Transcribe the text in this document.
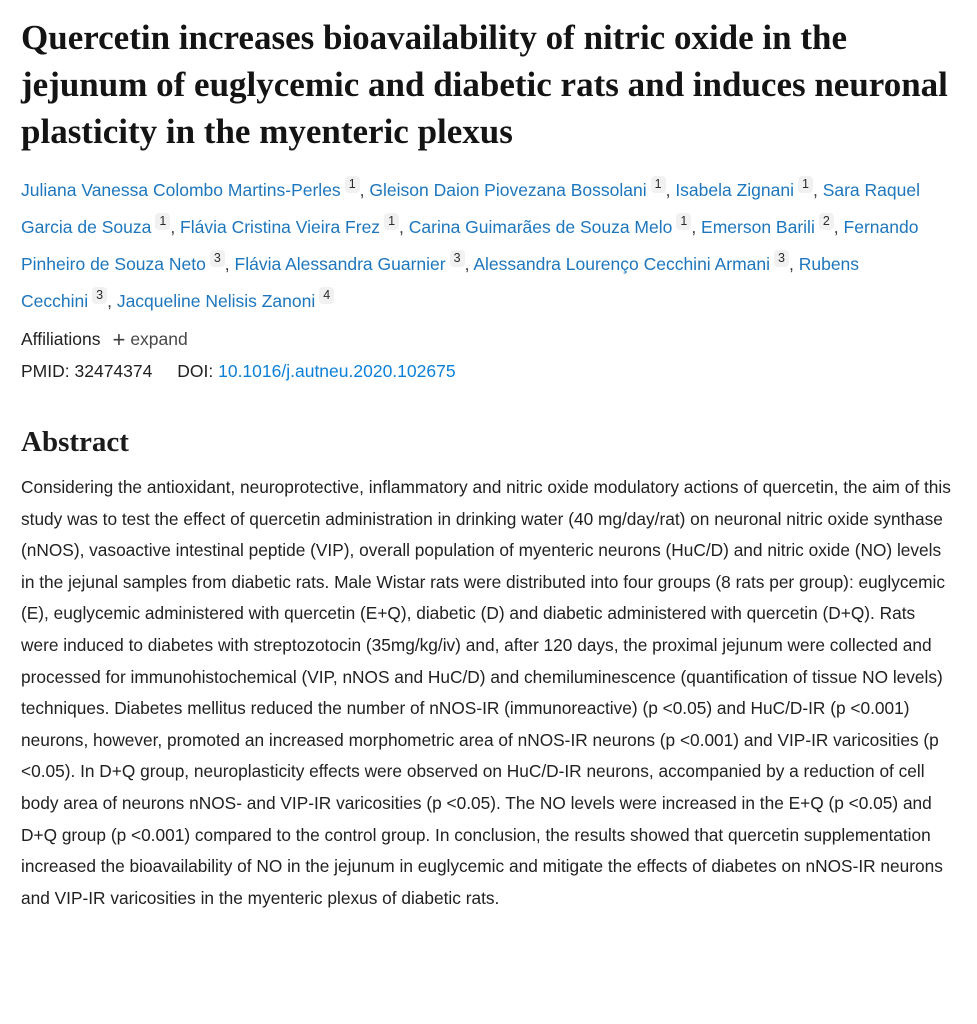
Quercetin increases bioavailability of nitric oxide in the jejunum of euglycemic and diabetic rats and induces neuronal plasticity in the myenteric plexus
Juliana Vanessa Colombo Martins-Perles 1 , Gleison Daion Piovezana Bossolani 1 , Isabela Zignani 1 , Sara Raquel Garcia de Souza 1 , Flávia Cristina Vieira Frez 1 , Carina Guimarães de Souza Melo 1 , Emerson Barili 2 , Fernando Pinheiro de Souza Neto 3 , Flávia Alessandra Guarnier 3 , Alessandra Lourenço Cecchini Armani 3 , Rubens Cecchini 3 , Jacqueline Nelisis Zanoni 4
Affiliations + expand
PMID: 32474374 DOI: 10.1016/j.autneu.2020.102675
Abstract

Considering the antioxidant, neuroprotective, inflammatory and nitric oxide modulatory actions of quercetin, the aim of this study was to test the effect of quercetin administration in drinking water (40 mg/day/rat) on neuronal nitric oxide synthase (nNOS), vasoactive intestinal peptide (VIP), overall population of myenteric neurons (HuC/D) and nitric oxide (NO) levels in the jejunal samples from diabetic rats. Male Wistar rats were distributed into four groups (8 rats per group): euglycemic (E), euglycemic administered with quercetin (E+Q), diabetic (D) and diabetic administered with quercetin (D+Q). Rats were induced to diabetes with streptozotocin (35mg/kg/iv) and, after 120 days, the proximal jejunum were collected and processed for immunohistochemical (VIP, nNOS and HuC/D) and chemiluminescence (quantification of tissue NO levels) techniques. Diabetes mellitus reduced the number of nNOS-IR (immunoreactive) (p <0.05) and HuC/D-IR (p <0.001) neurons, however, promoted an increased morphometric area of nNOS-IR neurons (p <0.001) and VIP-IR varicosities (p <0.05). In D+Q group, neuroplasticity effects were observed on HuC/D-IR neurons, accompanied by a reduction of cell body area of neurons nNOS- and VIP-IR varicosities (p <0.05). The NO levels were increased in the E+Q (p <0.05) and D+Q group (p <0.001) compared to the control group. In conclusion, the results showed that quercetin supplementation increased the bioavailability of NO in the jejunum in euglycemic and mitigate the effects of diabetes on nNOS-IR neurons and VIP-IR varicosities in the myenteric plexus of diabetic rats.
